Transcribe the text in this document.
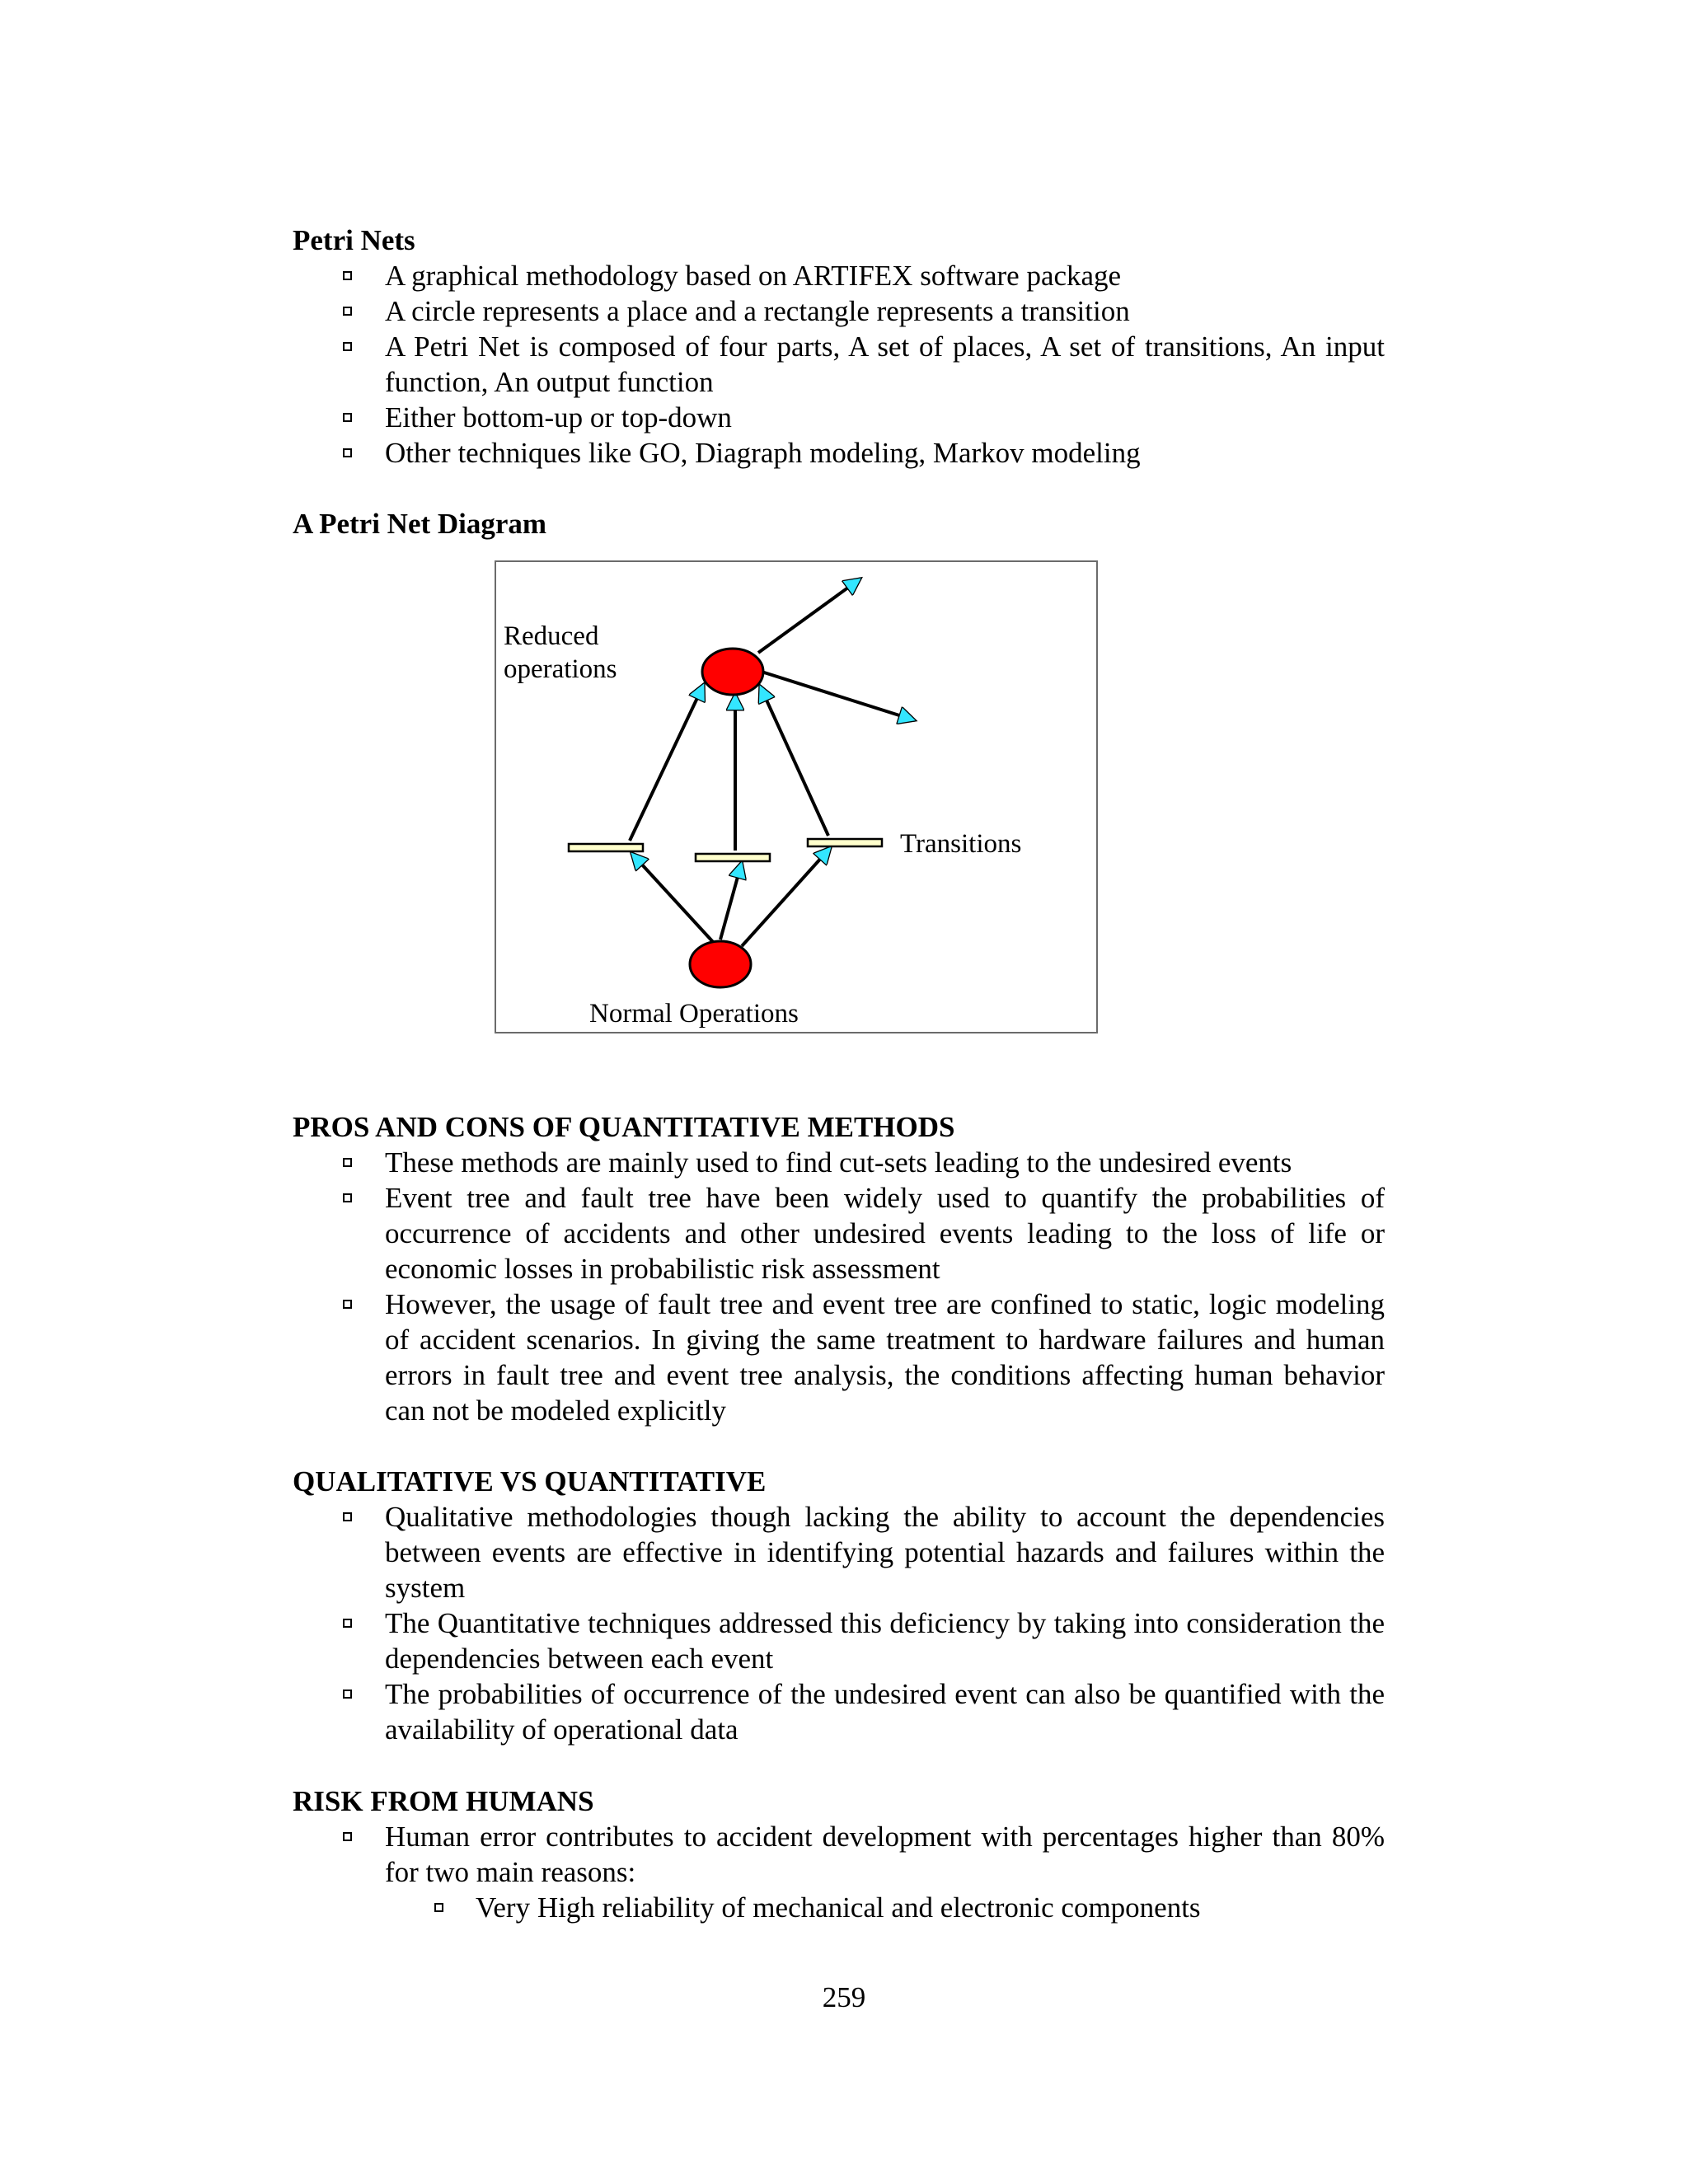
Petri Nets

A graphical methodology based on ARTIFEX software package
A circle represents a place and a rectangle represents a transition
A Petri Net is composed of four parts, A set of places, A set of transitions, An input function, An output function
Either bottom-up or top-down
Other techniques like GO, Diagraph modeling, Markov modeling

A Petri Net Diagram

Reduced
operations
Transitions
Normal Operations

PROS AND CONS OF QUANTITATIVE METHODS

These methods are mainly used to find cut-sets leading to the undesired events
Event tree and fault tree have been widely used to quantify the probabilities of occurrence of accidents and other undesired events leading to the loss of life or economic losses in probabilistic risk assessment
However, the usage of fault tree and event tree are confined to static, logic modeling of accident scenarios. In giving the same treatment to hardware failures and human errors in fault tree and event tree analysis, the conditions affecting human behavior can not be modeled explicitly

QUALITATIVE VS QUANTITATIVE

Qualitative methodologies though lacking the ability to account the dependencies between events are effective in identifying potential hazards and failures within the system
The Quantitative techniques addressed this deficiency by taking into consideration the dependencies between each event
The probabilities of occurrence of the undesired event can also be quantified with the availability of operational data

RISK FROM HUMANS

Human error contributes to accident development with percentages higher than 80% for two main reasons:
Very High reliability of mechanical and electronic components
259
